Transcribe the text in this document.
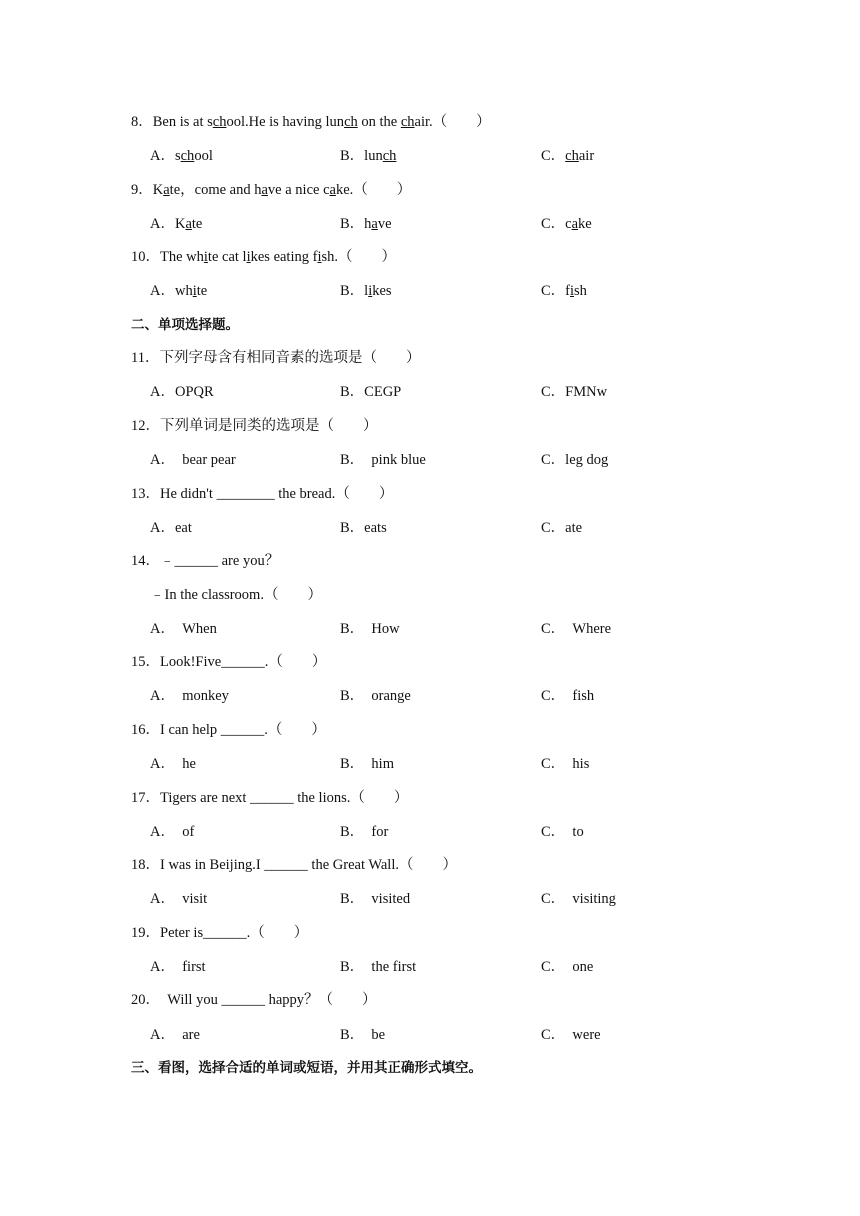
8．Ben is at school.He is having lunch on the chair.（　　）
A．school	B．lunch	C．chair
9．Kate，come and have a nice cake.（　　）
A．Kate	B．have	C．cake
10．The white cat likes eating fish.（　　）
A．white	B．likes	C．fish
二、单项选择题。
11．下列字母含有相同音素的选项是（　　）
A．OPQR	B．CEGP	C．FMNw
12．下列单词是同类的选项是（　　）
A．　bear pear	B．　pink blue	C．leg dog
13．He didn't ________ the bread.（　　）
A．eat	B．eats	C．ate
14．﹣______ are you？
﹣In the classroom.（　　）
A．　When	B．　How	C．　Where
15．Look!Five______.（　　）
A．　monkey	B．　orange	C．　fish
16．I can help ______.（　　）
A．　he	B．　him	C．　his
17．Tigers are next ______ the lions.（　　）
A．　of	B．　for	C．　to
18．I was in Beijing.I ______ the Great Wall.（　　）
A．　visit	B．　visited	C．　visiting
19．Peter is______.（　　）
A．　first	B．　the first	C．　one
20．　Will you ______ happy？（　　）
A．　are	B．　be	C．　were
三、看图，选择合适的单词或短语，并用其正确形式填空。
